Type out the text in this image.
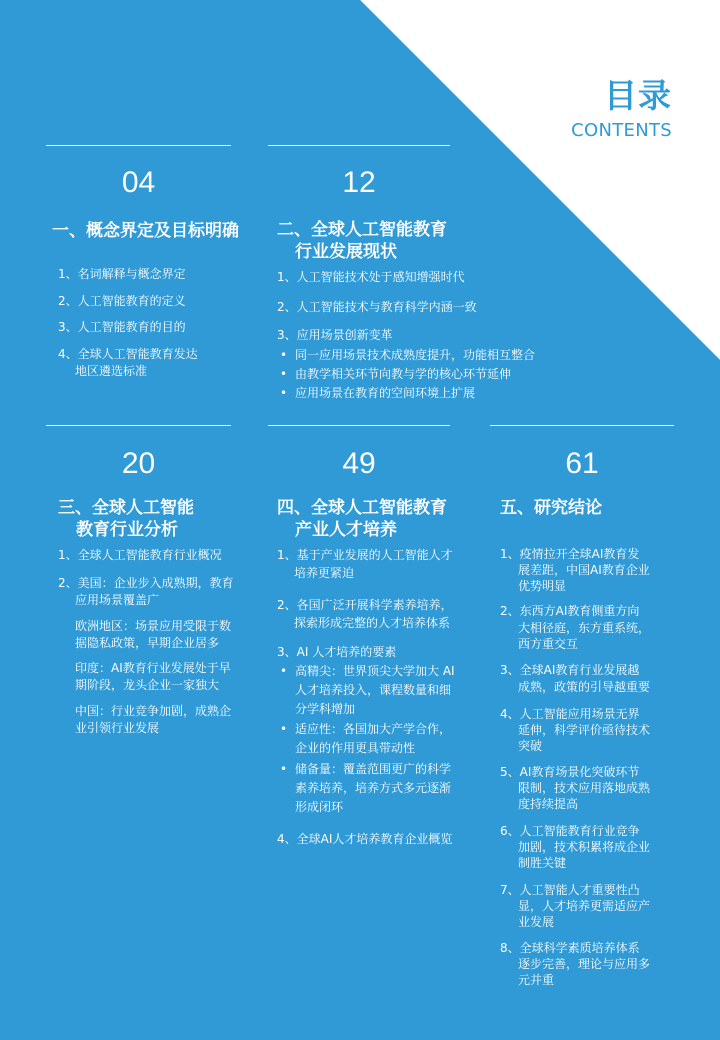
目录
CONTENTS
04
一、概念界定及目标明确
1、名词解释与概念界定
2、人工智能教育的定义
3、人工智能教育的目的
4、全球人工智能教育发达
地区遴选标准
12
二、全球人工智能教育
行业发展现状
1、人工智能技术处于感知增强时代
2、人工智能技术与教育科学内涵一致
3、应用场景创新变革
• 同一应用场景技术成熟度提升，功能相互整合
• 由教学相关环节向教与学的核心环节延伸
• 应用场景在教育的空间环境上扩展
20
三、全球人工智能
教育行业分析
1、全球人工智能教育行业概况
2、美国：企业步入成熟期，教育
应用场景覆盖广
欧洲地区：场景应用受限于数
据隐私政策，早期企业居多
印度：AI教育行业发展处于早
期阶段，龙头企业一家独大
中国：行业竞争加剧，成熟企
业引领行业发展
49
四、全球人工智能教育
产业人才培养
1、基于产业发展的人工智能人才
培养更紧迫
2、各国广泛开展科学素养培养，
探索形成完整的人才培养体系
3、AI 人才培养的要素
• 高精尖：世界顶尖大学加大 AI
人才培养投入，课程数量和细
分学科增加
• 适应性：各国加大产学合作，
企业的作用更具带动性
• 储备量：覆盖范围更广的科学
素养培养，培养方式多元逐渐
形成闭环
4、全球AI人才培养教育企业概览
61
五、研究结论
1、疫情拉开全球AI教育发
展差距，中国AI教育企业
优势明显
2、东西方AI教育侧重方向
大相径庭，东方重系统，
西方重交互
3、全球AI教育行业发展越
成熟，政策的引导越重要
4、人工智能应用场景无界
延伸，科学评价亟待技术
突破
5、AI教育场景化突破环节
限制，技术应用落地成熟
度持续提高
6、人工智能教育行业竞争
加剧，技术积累将成企业
制胜关键
7、人工智能人才重要性凸
显，人才培养更需适应产
业发展
8、全球科学素质培养体系
逐步完善，理论与应用多
元并重
